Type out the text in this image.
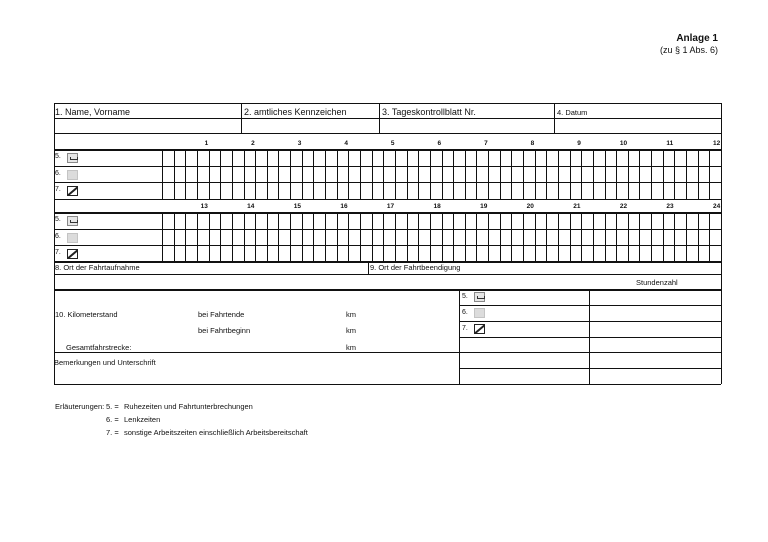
Anlage 1
(zu § 1 Abs. 6)
1. Name, Vorname	2. amtliches Kennzeichen	3. Tageskontrollblatt Nr.	4. Datum
8. Ort der Fahrtaufnahme	9. Ort der Fahrtbeendigung
Stundenzahl
10. Kilometerstand	bei Fahrtende	km
bei Fahrtbeginn	km
Gesamtfahrstrecke:	km
Bemerkungen und Unterschrift
Erläuterungen: 5. = Ruhezeiten und Fahrtunterbrechungen
6. = Lenkzeiten
7. = sonstige Arbeitszeiten einschließlich Arbeitsbereitschaft
1	2	3	4	5	6	7	8	9	10	11	12
5.
6.
7.
13	14	15	16	17	18	19	20	21	22	23	24
5.
6.
7.
5.
6.
7.
